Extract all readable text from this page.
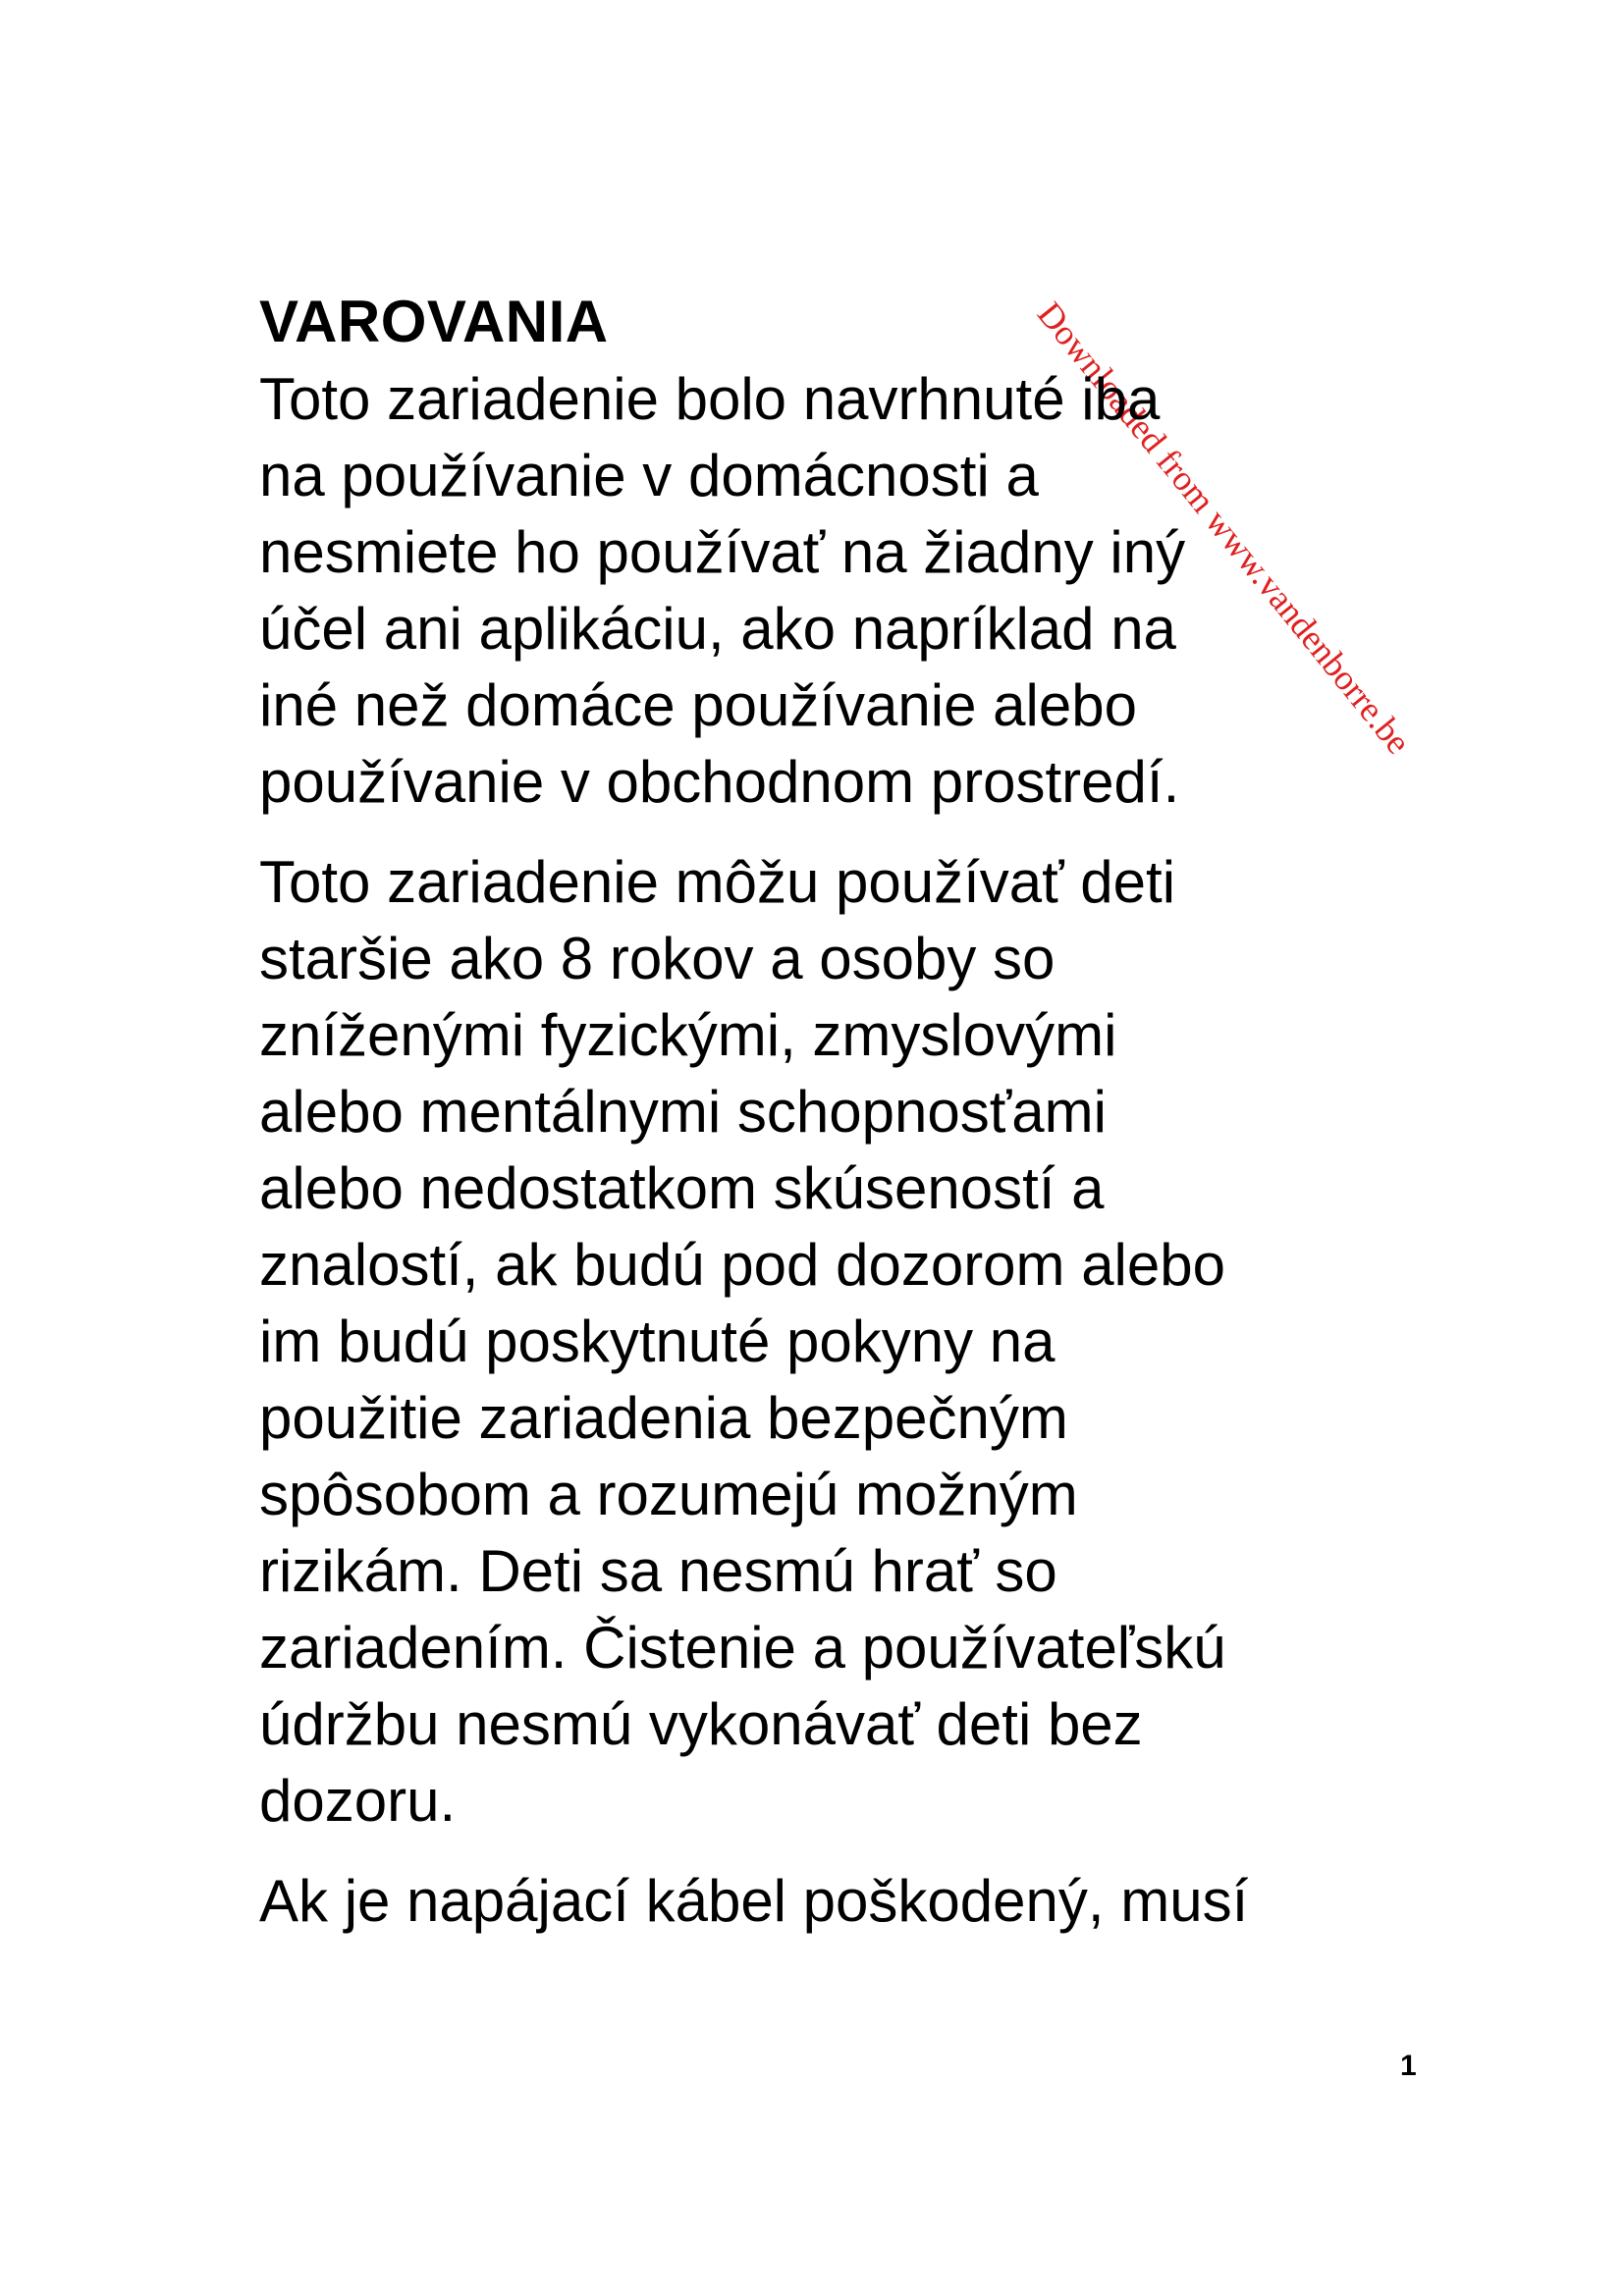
Downloaded from www.vandenborre.be
VAROVANIA
Toto zariadenie bolo navrhnuté iba
na používanie v domácnosti a
nesmiete ho používať na žiadny iný
účel ani aplikáciu, ako napríklad na
iné než domáce používanie alebo
používanie v obchodnom prostredí.
Toto zariadenie môžu používať deti
staršie ako 8 rokov a osoby so
zníženými fyzickými, zmyslovými
alebo mentálnymi schopnosťami
alebo nedostatkom skúseností a
znalostí, ak budú pod dozorom alebo
im budú poskytnuté pokyny na
použitie zariadenia bezpečným
spôsobom a rozumejú možným
rizikám. Deti sa nesmú hrať so
zariadením. Čistenie a používateľskú
údržbu nesmú vykonávať deti bez
dozoru.
Ak je napájací kábel poškodený, musí
1
